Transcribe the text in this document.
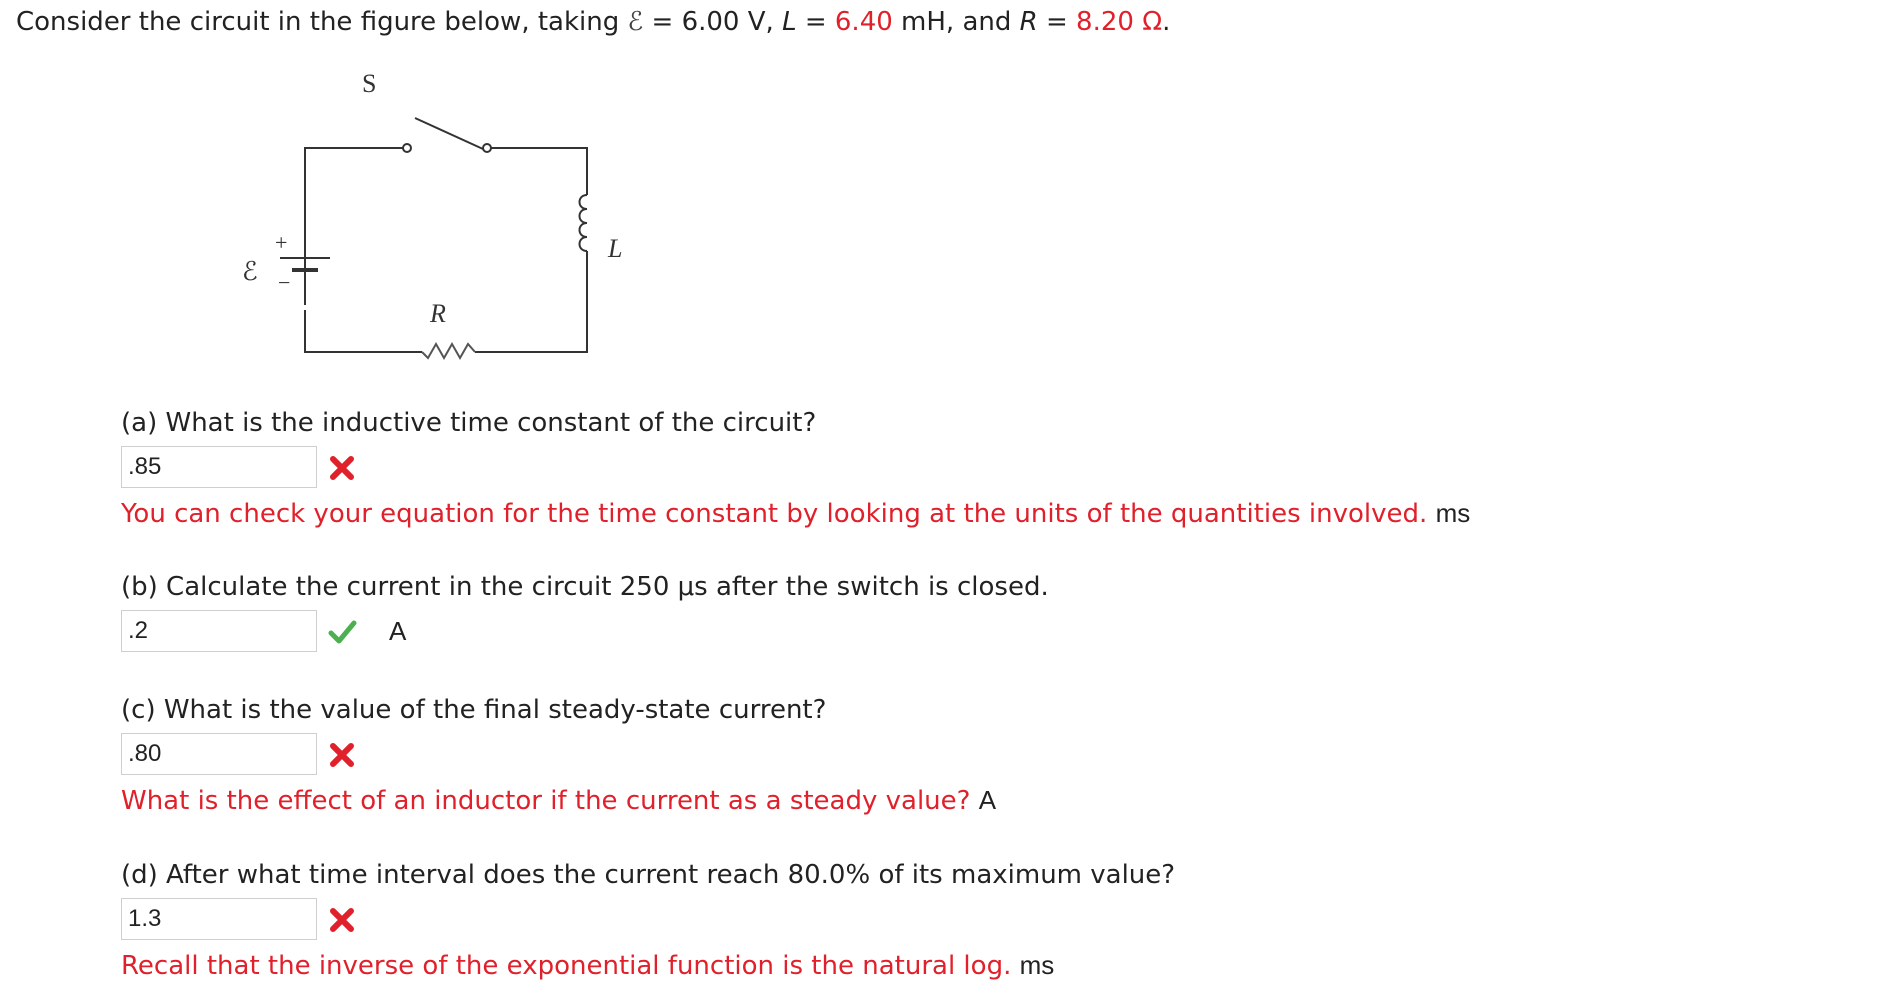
Consider the circuit in the figure below, taking ℰ = 6.00 V, L = 6.40 mH, and R = 8.20 Ω.
S
+
−
ℰ
L
R
(a) What is the inductive time constant of the circuit?
.85
You can check your equation for the time constant by looking at the units of the quantities involved. ms
(b) Calculate the current in the circuit 250 μs after the switch is closed.
.2
A
(c) What is the value of the final steady-state current?
.80
What is the effect of an inductor if the current as a steady value? A
(d) After what time interval does the current reach 80.0% of its maximum value?
1.3
Recall that the inverse of the exponential function is the natural log. ms
